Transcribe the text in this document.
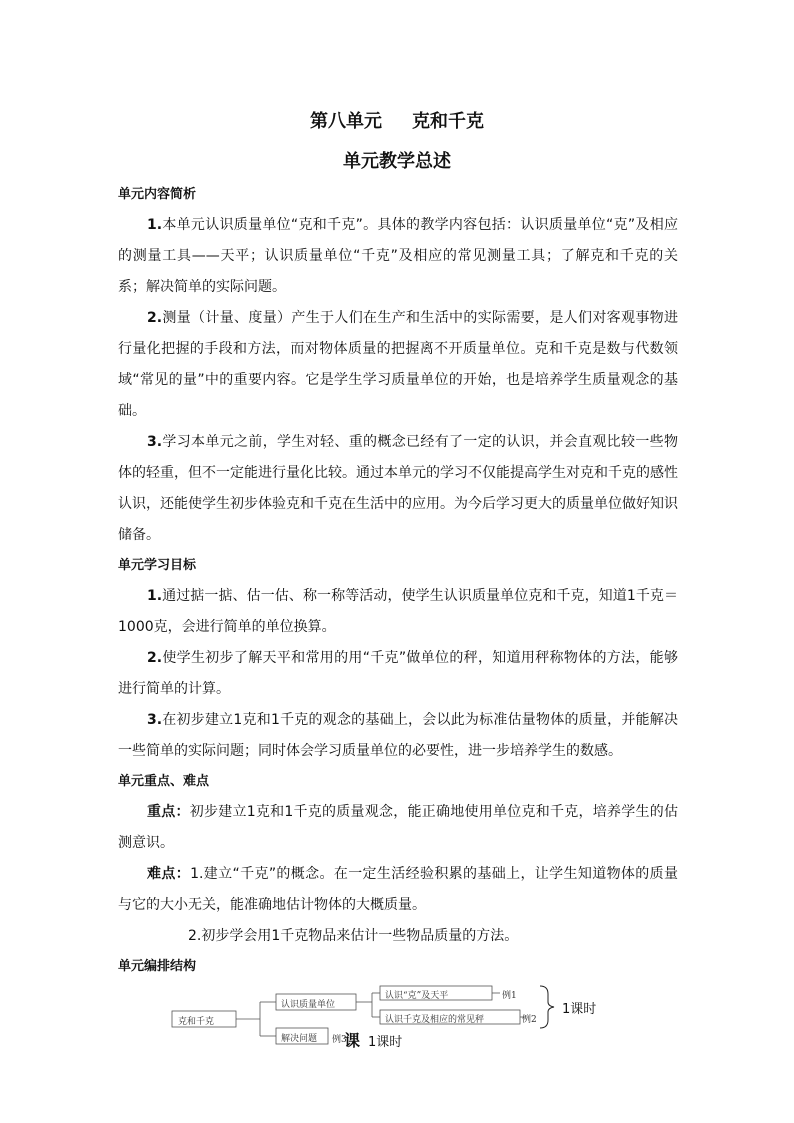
第八单元 克和千克
单元教学总述

单元内容简析

1.本单元认识质量单位“克和千克”。具体的教学内容包括：认识质量单位“克”及相应的测量工具——天平；认识质量单位“千克”及相应的常见测量工具；了解克和千克的关系；解决简单的实际问题。

2.测量（计量、度量）产生于人们在生产和生活中的实际需要，是人们对客观事物进行量化把握的手段和方法，而对物体质量的把握离不开质量单位。克和千克是数与代数领域“常见的量”中的重要内容。它是学生学习质量单位的开始，也是培养学生质量观念的基础。

3.学习本单元之前，学生对轻、重的概念已经有了一定的认识，并会直观比较一些物体的轻重，但不一定能进行量化比较。通过本单元的学习不仅能提高学生对克和千克的感性认识，还能使学生初步体验克和千克在生活中的应用。为今后学习更大的质量单位做好知识储备。

单元学习目标

1.通过掂一掂、估一估、称一称等活动，使学生认识质量单位克和千克，知道1千克＝1000克，会进行简单的单位换算。

2.使学生初步了解天平和常用的用“千克”做单位的秤，知道用秤称物体的方法，能够进行简单的计算。

3.在初步建立1克和1千克的观念的基础上，会以此为标准估量物体的质量，并能解决一些简单的实际问题；同时体会学习质量单位的必要性，进一步培养学生的数感。

单元重点、难点

重点：初步建立1克和1千克的质量观念，能正确地使用单位克和千克，培养学生的估测意识。

难点：1.建立“千克”的概念。在一定生活经验积累的基础上，让学生知道物体的质量与它的大小无关，能准确地估计物体的大概质量。

2.初步学会用1千克物品来估计一些物品质量的方法。

单元编排结构

克和千克
认识质量单位
解决问题
认识“克”及天平	例1
认识千克及相应的常见秤	例2
例3
1课时
课 1课时
